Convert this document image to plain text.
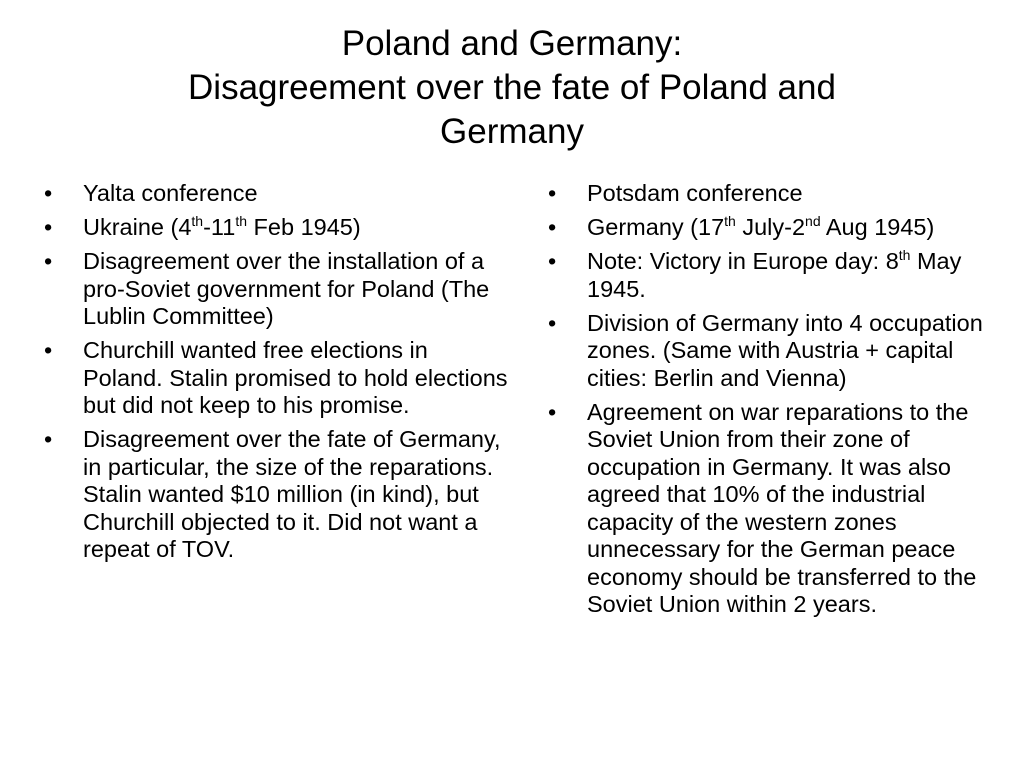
Poland and Germany:
Disagreement over the fate of Poland and
Germany
•	Yalta conference
•	Ukraine (4th-11th Feb 1945)
•	Disagreement over the installation of a pro-Soviet government for Poland (The Lublin Committee)
•	Churchill wanted free elections in Poland. Stalin promised to hold elections but did not keep to his promise.
•	Disagreement over the fate of Germany, in particular, the size of the reparations. Stalin wanted $10 million (in kind), but Churchill objected to it. Did not want a repeat of TOV.
•	Potsdam conference
•	Germany (17th July-2nd Aug 1945)
•	Note: Victory in Europe day: 8th May 1945.
•	Division of Germany into 4 occupation zones. (Same with Austria + capital cities: Berlin and Vienna)
•	Agreement on war reparations to the Soviet Union from their zone of occupation in Germany. It was also agreed that 10% of the industrial capacity of the western zones unnecessary for the German peace economy should be transferred to the Soviet Union within 2 years.
